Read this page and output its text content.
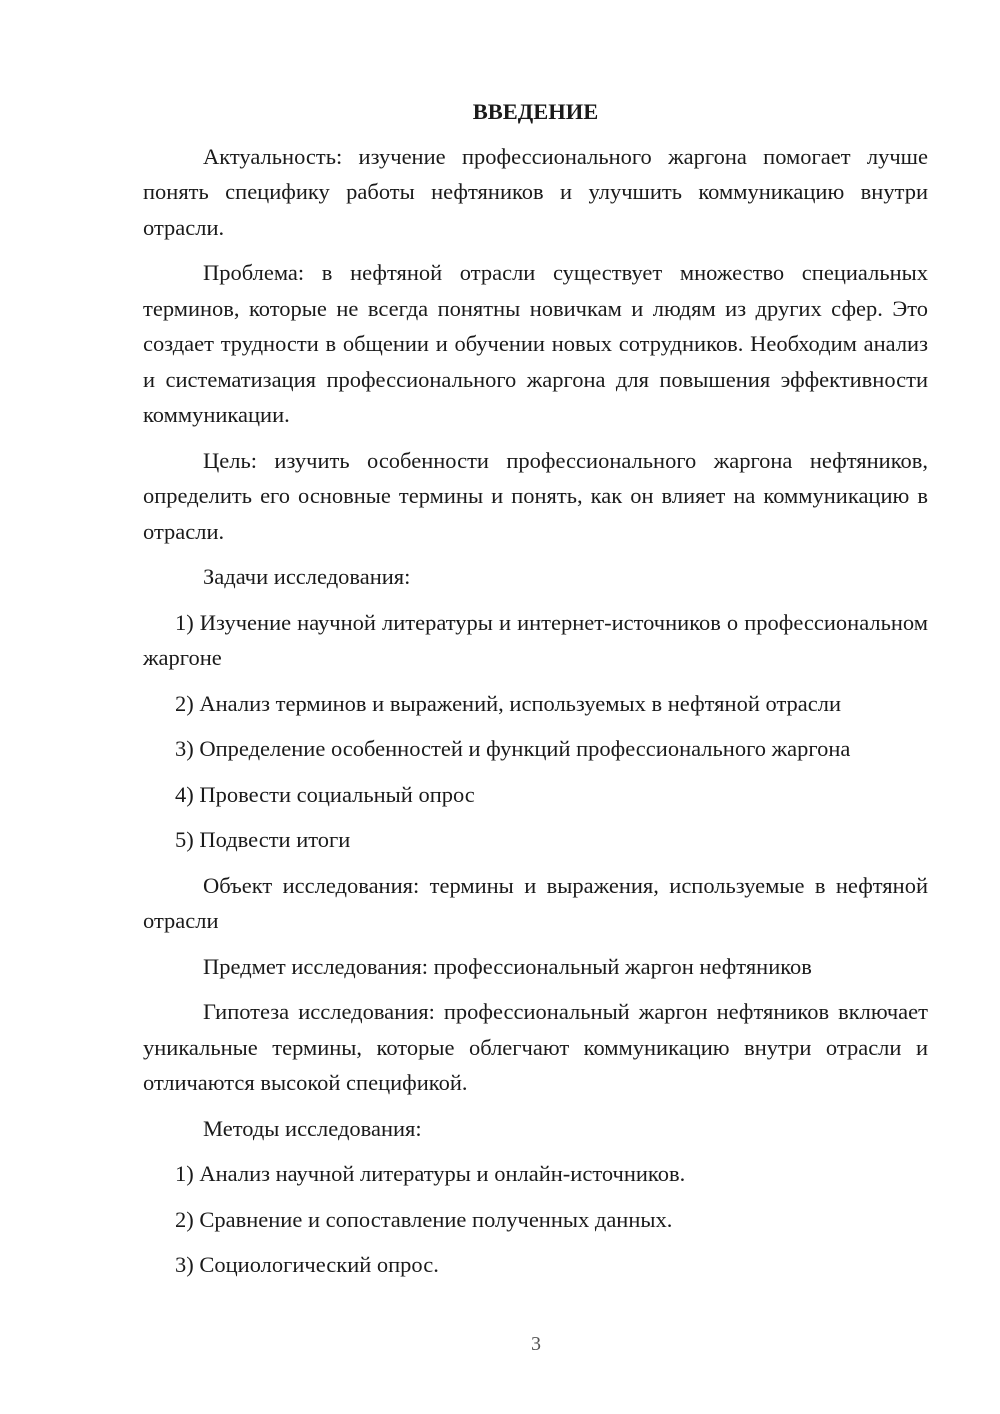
ВВЕДЕНИЕ

Актуальность: изучение профессионального жаргона помогает лучше понять специфику работы нефтяников и улучшить коммуникацию внутри отрасли.

Проблема: в нефтяной отрасли существует множество специальных терминов, которые не всегда понятны новичкам и людям из других сфер. Это создает трудности в общении и обучении новых сотрудников. Необходим анализ и систематизация профессионального жаргона для повышения эффективности коммуникации.

Цель: изучить особенности профессионального жаргона нефтяников, определить его основные термины и понять, как он влияет на коммуникацию в отрасли.

Задачи исследования:

1) Изучение научной литературы и интернет-источников о профессиональном жаргоне

2) Анализ терминов и выражений, используемых в нефтяной отрасли

3) Определение особенностей и функций профессионального жаргона

4) Провести социальный опрос

5) Подвести итоги

Объект исследования: термины и выражения, используемые в нефтяной отрасли

Предмет исследования: профессиональный жаргон нефтяников

Гипотеза исследования: профессиональный жаргон нефтяников включает уникальные термины, которые облегчают коммуникацию внутри отрасли и отличаются высокой спецификой.

Методы исследования:

1) Анализ научной литературы и онлайн-источников.

2) Сравнение и сопоставление полученных данных.

3) Социологический опрос.

3
